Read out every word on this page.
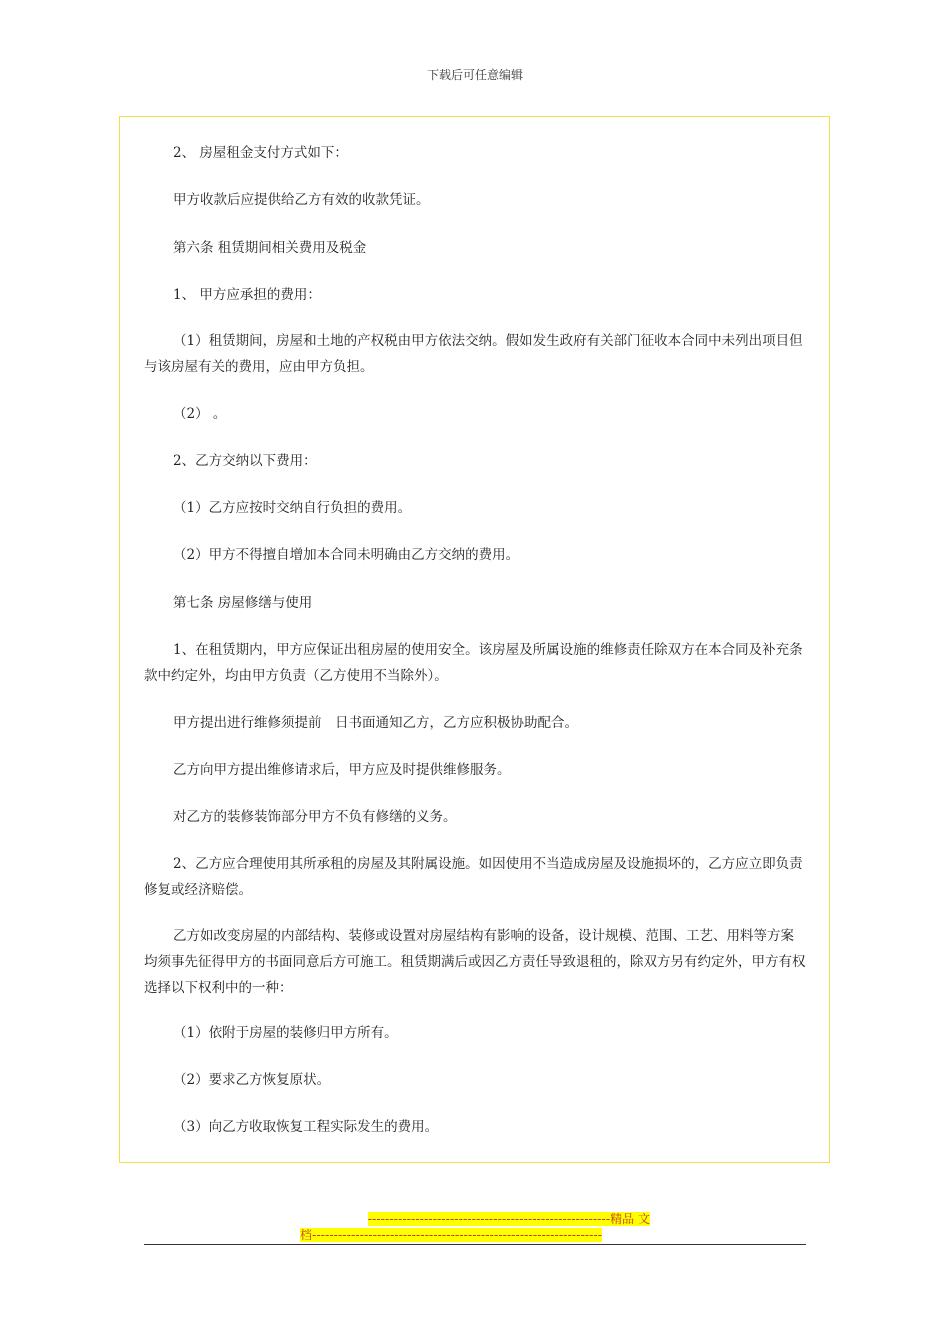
下载后可任意编辑
2、 房屋租金支付方式如下：
甲方收款后应提供给乙方有效的收款凭证。
第六条 租赁期间相关费用及税金
1、 甲方应承担的费用：
（1）租赁期间，房屋和土地的产权税由甲方依法交纳。假如发生政府有关部门征收本合同中未列出项目但与该房屋有关的费用，应由甲方负担。
（2） 。
2、乙方交纳以下费用：
（1）乙方应按时交纳自行负担的费用。
（2）甲方不得擅自增加本合同未明确由乙方交纳的费用。
第七条 房屋修缮与使用
1、在租赁期内，甲方应保证出租房屋的使用安全。该房屋及所属设施的维修责任除双方在本合同及补充条款中约定外，均由甲方负责（乙方使用不当除外）。
甲方提出进行维修须提前　日书面通知乙方，乙方应积极协助配合。
乙方向甲方提出维修请求后，甲方应及时提供维修服务。
对乙方的装修装饰部分甲方不负有修缮的义务。
2、乙方应合理使用其所承租的房屋及其附属设施。如因使用不当造成房屋及设施损坏的，乙方应立即负责修复或经济赔偿。
乙方如改变房屋的内部结构、装修或设置对房屋结构有影响的设备，设计规模、范围、工艺、用料等方案均须事先征得甲方的书面同意后方可施工。租赁期满后或因乙方责任导致退租的，除双方另有约定外，甲方有权选择以下权利中的一种：
（1）依附于房屋的装修归甲方所有。
（2）要求乙方恢复原状。
（3）向乙方收取恢复工程实际发生的费用。
--------------------------------------------------------精品 文
档-------------------------------------------------------------------
